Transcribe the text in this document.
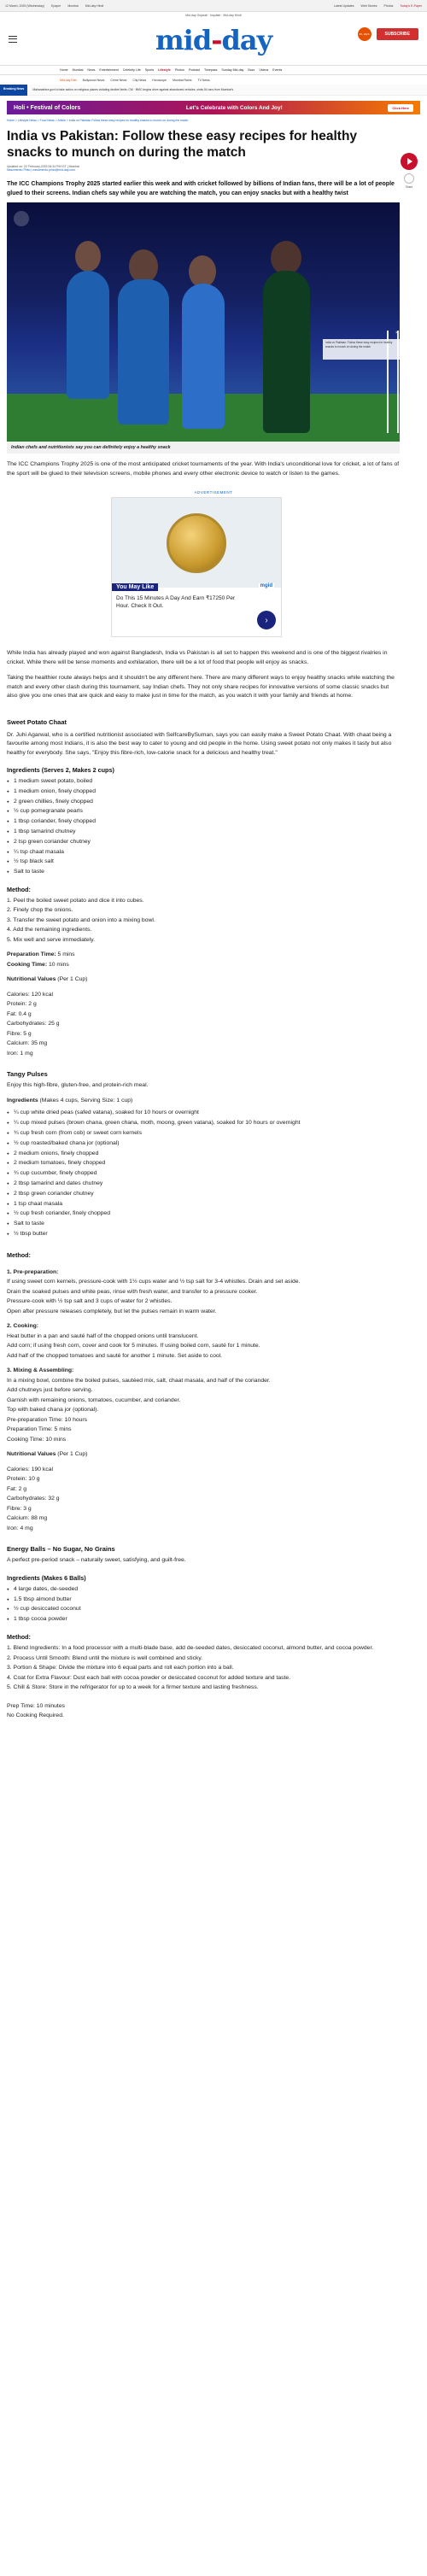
12 March, 2025 (Wednesday) Epaper Mumbai Mid-day Hindi	Latest Updates Web Stories Photos Today's E-Paper
Mid-day Gujarati · Inquilab · Mid-day Hindi
mid-day	IPL 2025	SUBSCRIBE
Home Mumbai News Entertainment Celebrity Life Sports Lifestyle Photos Podcast Timepass Sunday Mid-day Buzz Videos Events
Mid-day Diet Bollywood News Crime News City News Horoscope Mumbai Rains TV News
Breaking News	Maharashtra govt to take action on religious places violating decibel limits: CM · BMC begins drive against abandoned vehicles, sinks 54 cars from Mumbai's
Holi • Festival of Colors	Let's Celebrate with Colors And Joy!	Click Here
Home > Lifestyle News > Food News > Article > India vs Pakistan Follow these easy recipes for healthy snacks to munch on during the match
India vs Pakistan: Follow these easy recipes for healthy snacks to munch on during the match
Updated on: 22 February,2025 06:34 PM IST | Mumbai
Nascimento Pinto | nascimento.pinto@mid-day.com
Share

The ICC Champions Trophy 2025 started earlier this week and with cricket followed by billions of Indian fans, there will be a lot of people glued to their screens. Indian chefs say while you are watching the match, you can enjoy snacks but with a healthy twist

×
India vs Pakistan: Follow these easy recipes for healthy snacks to munch on during the match
Indian chefs and nutritionists say you can definitely enjoy a healthy snack

The ICC Champions Trophy 2025 is one of the most anticipated cricket tournaments of the year. With India's unconditional love for cricket, a lot of fans of the sport will be glued to their television screens, mobile phones and every other electronic device to watch or listen to the games.

ADVERTISEMENT
You May Like	mgid
Do This 15 Minutes A Day And Earn ₹17250 Per Hour. Check It Out.
›

While India has already played and won against Bangladesh, India vs Pakistan is all set to happen this weekend and is one of the biggest rivalries in cricket. While there will be tense moments and exhilaration, there will be a lot of food that people will enjoy as snacks.

Taking the healthier route always helps and it shouldn't be any different here. There are many different ways to enjoy healthy snacks while watching the match and every other clash during this tournament, say Indian chefs. They not only share recipes for innovative versions of some classic snacks but also give you one ones that are quick and easy to make just in time for the match, as you watch it with your family and friends at home.

Sweet Potato Chaat

Dr. Juhi Agarwal, who is a certified nutritionist associated with SelfcareBySuman, says you can easily make a Sweet Potato Chaat. With chaat being a favourite among most Indians, it is also the best way to cater to young and old people in the home. Using sweet potato not only makes it tasty but also healthy for everybody. She says, "Enjoy this fibre-rich, low-calorie snack for a delicious and healthy treat."

Ingredients (Serves 2, Makes 2 cups)
● 1 medium sweet potato, boiled
● 1 medium onion, finely chopped
● 2 green chillies, finely chopped
● ½ cup pomegranate pearls
● 1 tbsp coriander, finely chopped
● 1 tbsp tamarind chutney
● 2 tsp green coriander chutney
● ¼ tsp chaat masala
● ½ tsp black salt
● Salt to taste
Method:
1. Peel the boiled sweet potato and dice it into cubes.
2. Finely chop the onions.
3. Transfer the sweet potato and onion into a mixing bowl.
4. Add the remaining ingredients.
5. Mix well and serve immediately.
Preparation Time: 5 mins
Cooking Time: 10 mins
Nutritional Values (Per 1 Cup)
Calories: 120 kcal
Protein: 2 g
Fat: 0.4 g
Carbohydrates: 25 g
Fibre: 5 g
Calcium: 35 mg
Iron: 1 mg
Tangy Pulses

Enjoy this high-fibre, gluten-free, and protein-rich meal.

Ingredients (Makes 4 cups, Serving Size: 1 cup)
● ¼ cup white dried peas (safed vatana), soaked for 10 hours or overnight
● ¼ cup mixed pulses (brown chana, green chana, moth, moong, green vatana), soaked for 10 hours or overnight
● ¾ cup fresh corn (from cob) or sweet corn kernels
● ½ cup roasted/baked chana jor (optional)
● 2 medium onions, finely chopped
● 2 medium tomatoes, finely chopped
● ¾ cup cucumber, finely chopped
● 2 tbsp tamarind and dates chutney
● 2 tbsp green coriander chutney
● 1 tsp chaat masala
● ½ cup fresh coriander, finely chopped
● Salt to taste
● ½ tbsp butter
Method:
1. Pre-preparation:
If using sweet corn kernels, pressure-cook with 1½ cups water and ½ tsp salt for 3-4 whistles. Drain and set aside.
Drain the soaked pulses and white peas, rinse with fresh water, and transfer to a pressure cooker.
Pressure-cook with ½ tsp salt and 3 cups of water for 2 whistles.
Open after pressure releases completely, but let the pulses remain in warm water.
2. Cooking:
Heat butter in a pan and sauté half of the chopped onions until translucent.
Add corn; if using fresh corn, cover and cook for 5 minutes. If using boiled corn, sauté for 1 minute.
Add half of the chopped tomatoes and sauté for another 1 minute. Set aside to cool.
3. Mixing & Assembling:
In a mixing bowl, combine the boiled pulses, sautéed mix, salt, chaat masala, and half of the coriander.
Add chutneys just before serving.
Garnish with remaining onions, tomatoes, cucumber, and coriander.
Top with baked chana jor (optional).
Pre-preparation Time: 10 hours
Preparation Time: 5 mins
Cooking Time: 10 mins
Nutritional Values (Per 1 Cup)
Calories: 190 kcal
Protein: 10 g
Fat: 2 g
Carbohydrates: 32 g
Fibre: 3 g
Calcium: 88 mg
Iron: 4 mg
Energy Balls – No Sugar, No Grains

A perfect pre-period snack – naturally sweet, satisfying, and guilt-free.

Ingredients (Makes 6 Balls)
● 4 large dates, de-seeded
● 1.5 tbsp almond butter
● ½ cup desiccated coconut
● 1 tbsp cocoa powder
Method:
1. Blend Ingredients: In a food processor with a multi-blade base, add de-seeded dates, desiccated coconut, almond butter, and cocoa powder.
2. Process Until Smooth: Blend until the mixture is well combined and sticky.
3. Portion & Shape: Divide the mixture into 6 equal parts and roll each portion into a ball.
4. Coat for Extra Flavour: Dust each ball with cocoa powder or desiccated coconut for added texture and taste.
5. Chill & Store: Store in the refrigerator for up to a week for a firmer texture and lasting freshness.
Prep Time: 10 minutes
No Cooking Required.
